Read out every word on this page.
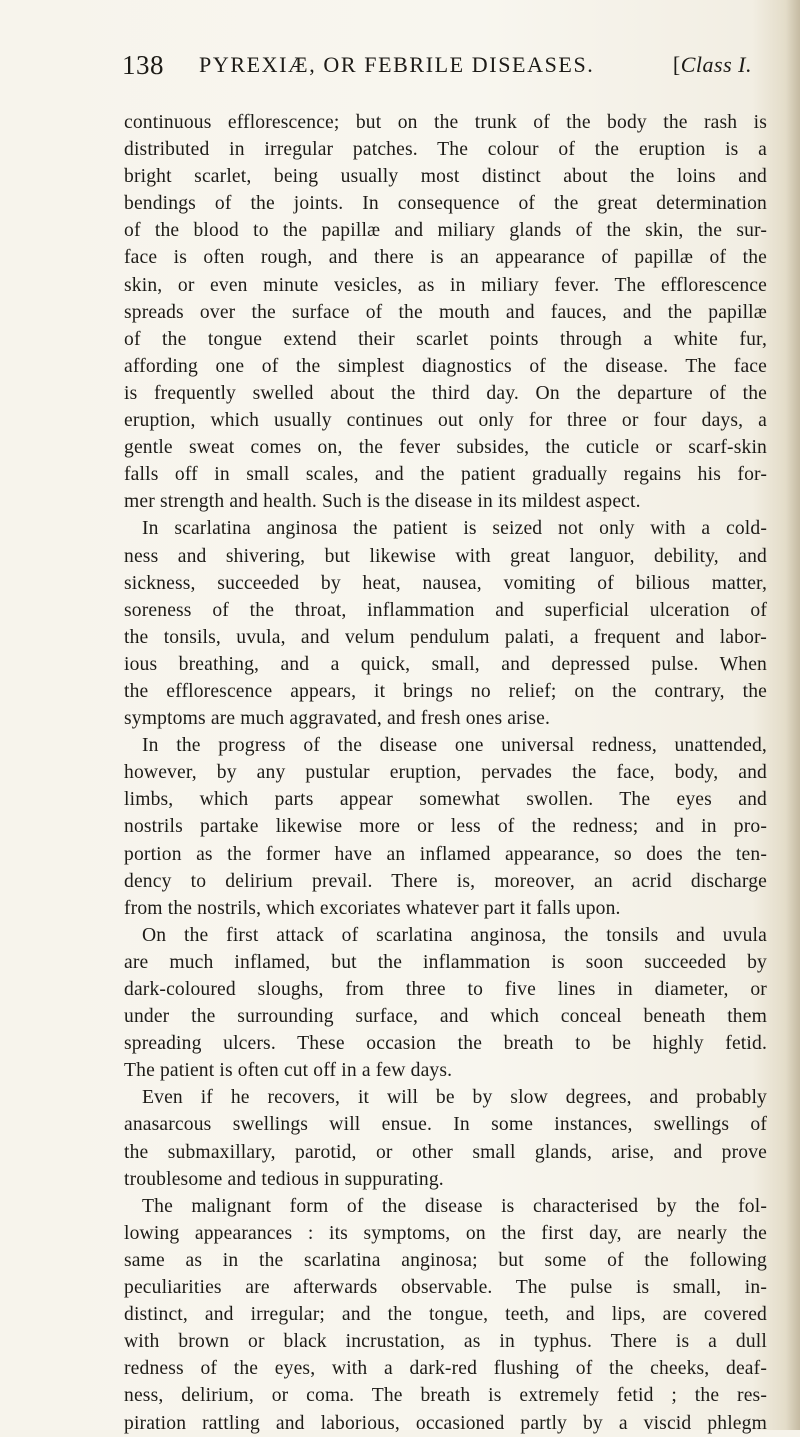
138 PYREXIÆ, OR FEBRILE DISEASES.	[Class I.
continuous efflorescence; but on the trunk of the body the rash is
distributed in irregular patches. The colour of the eruption is a
bright scarlet, being usually most distinct about the loins and
bendings of the joints. In consequence of the great determination
of the blood to the papillæ and miliary glands of the skin, the sur-
face is often rough, and there is an appearance of papillæ of the
skin, or even minute vesicles, as in miliary fever. The efflorescence
spreads over the surface of the mouth and fauces, and the papillæ
of the tongue extend their scarlet points through a white fur,
affording one of the simplest diagnostics of the disease. The face
is frequently swelled about the third day. On the departure of the
eruption, which usually continues out only for three or four days, a
gentle sweat comes on, the fever subsides, the cuticle or scarf-skin
falls off in small scales, and the patient gradually regains his for-
mer strength and health. Such is the disease in its mildest aspect.
In scarlatina anginosa the patient is seized not only with a cold-
ness and shivering, but likewise with great languor, debility, and
sickness, succeeded by heat, nausea, vomiting of bilious matter,
soreness of the throat, inflammation and superficial ulceration of
the tonsils, uvula, and velum pendulum palati, a frequent and labor-
ious breathing, and a quick, small, and depressed pulse. When
the efflorescence appears, it brings no relief; on the contrary, the
symptoms are much aggravated, and fresh ones arise.
In the progress of the disease one universal redness, unattended,
however, by any pustular eruption, pervades the face, body, and
limbs, which parts appear somewhat swollen. The eyes and
nostrils partake likewise more or less of the redness; and in pro-
portion as the former have an inflamed appearance, so does the ten-
dency to delirium prevail. There is, moreover, an acrid discharge
from the nostrils, which excoriates whatever part it falls upon.
On the first attack of scarlatina anginosa, the tonsils and uvula
are much inflamed, but the inflammation is soon succeeded by
dark-coloured sloughs, from three to five lines in diameter, or
under the surrounding surface, and which conceal beneath them
spreading ulcers. These occasion the breath to be highly fetid.
The patient is often cut off in a few days.
Even if he recovers, it will be by slow degrees, and probably
anasarcous swellings will ensue. In some instances, swellings of
the submaxillary, parotid, or other small glands, arise, and prove
troublesome and tedious in suppurating.
The malignant form of the disease is characterised by the fol-
lowing appearances : its symptoms, on the first day, are nearly the
same as in the scarlatina anginosa; but some of the following
peculiarities are afterwards observable. The pulse is small, in-
distinct, and irregular; and the tongue, teeth, and lips, are covered
with brown or black incrustation, as in typhus. There is a dull
redness of the eyes, with a dark-red flushing of the cheeks, deaf-
ness, delirium, or coma. The breath is extremely fetid ; the res-
piration rattling and laborious, occasioned partly by a viscid phlegm
